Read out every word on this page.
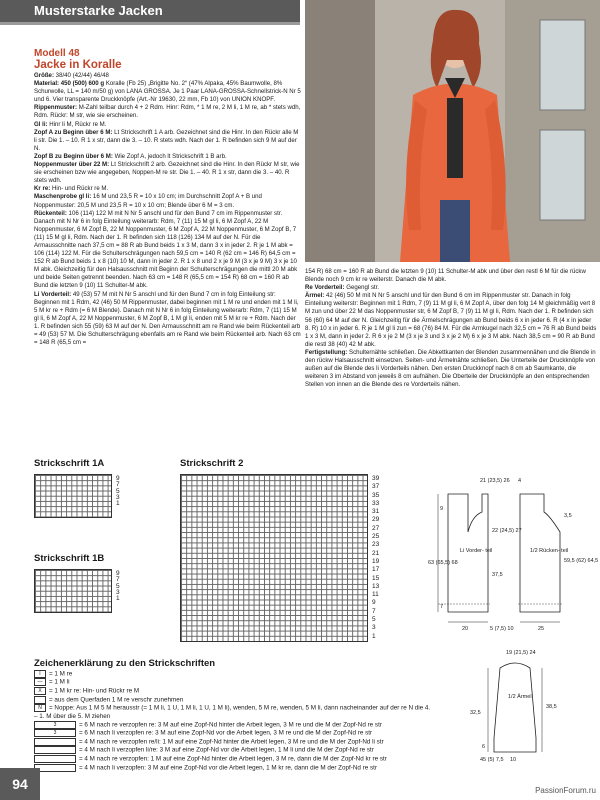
Musterstarke Jacken
Modell 48
Jacke in Koralle

Größe: 38/40 (42/44) 46/48

Material: 450 (500) 600 g Koralle (Fb 25) „Brigitte No. 2“ (47% Alpaka, 45% Baumwolle, 8% Schurwolle, LL = 140 m/50 g) von LANA GROSSA. Je 1 Paar LANA-GROSSA-Schnellstrick-N Nr 5 und 6. Vier transparente Druckknöpfe (Art.-Nr 19630, 22 mm, Fb 10) von UNION KNOPF.

Rippenmuster: M-Zahl teilbar durch 4 + 2 Rdm. Hinr: Rdm, * 1 M re, 2 M li, 1 M re, ab * stets wdh, Rdm. Rückr: M str, wie sie erscheinen.

Gl li: Hinr li M, Rückr re M.

Zopf A zu Beginn über 6 M: Lt Strickschrift 1 A arb. Gezeichnet sind die Hinr. In den Rückr alle M li str. Die 1. – 10. R 1 x str, dann die 3. – 10. R stets wdh. Nach der 1. R befinden sich 9 M auf der N.

Zopf B zu Beginn über 6 M: Wie Zopf A, jedoch lt Strickschrift 1 B arb.

Noppenmuster über 22 M: Lt Strickschrift 2 arb. Gezeichnet sind die Hinr. In den Rückr M str, wie sie erscheinen bzw wie angegeben, Noppen-M re str. Die 1. – 40. R 1 x str, dann die 3. – 40. R stets wdh.

Kr re: Hin- und Rückr re M.

Maschenprobe gl li: 16 M und 23,5 R = 10 x 10 cm; im Durchschnitt Zopf A + B und Noppenmuster: 20,5 M und 23,5 R = 10 x 10 cm; Blende über 6 M = 3 cm.

Rückenteil: 106 (114) 122 M mit N Nr 5 anschl und für den Bund 7 cm im Rippenmuster str. Danach mit N Nr 6 in folg Einteilung weiterarb: Rdm, 7 (11) 15 M gl li, 6 M Zopf A, 22 M Noppenmuster, 6 M Zopf B, 22 M Noppenmuster, 6 M Zopf A, 22 M Noppenmuster, 6 M Zopf B, 7 (11) 15 M gl li, Rdm. Nach der 1. R befinden sich 118 (126) 134 M auf der N. Für die Armausschnitte nach 37,5 cm = 88 R ab Bund beids 1 x 3 M, dann 3 x in jeder 2. R je 1 M abk = 106 (114) 122 M. Für die Schulterschrägungen nach 59,5 cm = 140 R (62 cm = 146 R) 64,5 cm = 152 R ab Bund beids 1 x 8 (10) 10 M, dann in jeder 2. R 1 x 8 und 2 x je 9 M (3 x je 9 M) 3 x je 10 M abk. Gleichzeitig für den Halsausschnitt mit Beginn der Schulterschrägungen die mittl 20 M abk und beide Seiten getrennt beenden. Nach 63 cm = 148 R (65,5 cm = 154 R) 68 cm = 160 R ab Bund die letzten 9 (10) 11 Schulter-M abk.

Li Vorderteil: 49 (53) 57 M mit N Nr 5 anschl und für den Bund 7 cm in folg Einteilung str: Beginnen mit 1 Rdm, 42 (46) 50 M Rippenmuster, dabei beginnen mit 1 M re und enden mit 1 M li, 5 M kr re + Rdm (= 6 M Blende). Danach mit N Nr 6 in folg Einteilung weiterarb: Rdm, 7 (11) 15 M gl li, 6 M Zopf A, 22 M Noppenmuster, 6 M Zopf B, 1 M gl li, enden mit 5 M kr re + Rdm. Nach der 1. R befinden sich 55 (59) 63 M auf der N. Den Armausschnitt am re Rand wie beim Rückenteil arb = 49 (53) 57 M. Die Schulterschrägung ebenfalls am re Rand wie beim Rückenteil arb. Nach 63 cm = 148 R (65,5 cm =

154 R) 68 cm = 160 R ab Bund die letzten 9 (10) 11 Schulter-M abk und über den restl 6 M für die rückw Blende noch 9 cm kr re weiterstr. Danach die M abk.

Re Vorderteil: Gegengl str.

Ärmel: 42 (46) 50 M mit N Nr 5 anschl und für den Bund 6 cm im Rippenmuster str. Danach in folg Einteilung weiterstr: Beginnen mit 1 Rdm, 7 (9) 11 M gl li, 6 M Zopf A, über den folg 14 M gleichmäßig vert 8 M zun und über 22 M das Noppenmuster str, 6 M Zopf B, 7 (9) 11 M gl li, Rdm. Nach der 1. R befinden sich 56 (60) 64 M auf der N. Gleichzeitig für die Ärmelschrägungen ab Bund beids 6 x in jeder 6. R (4 x in jeder 8. R) 10 x in jeder 6. R je 1 M gl li zun = 68 (76) 84 M. Für die Armkugel nach 32,5 cm = 76 R ab Bund beids 1 x 3 M, dann in jeder 2. R 6 x je 2 M (3 x je 3 und 3 x je 2 M) 6 x je 3 M abk. Nach 38,5 cm = 90 R ab Bund die restl 38 (40) 42 M abk.

Fertigstellung: Schulternähte schließen. Die Abkettkanten der Blenden zusammennähen und die Blende in den rückw Halsausschnitt einsetzen. Seiten- und Ärmelnähte schließen. Die Unterteile der Druckknöpfe von außen auf die Blende des li Vorderteils nähen. Den ersten Druckknopf nach 8 cm ab Saumkante, die weiteren 3 im Abstand von jeweils 8 cm aufnähen. Die Oberteile der Druckknöpfe an den entsprechenden Stellen von innen an die Blende des re Vorderteils nähen.

Strickschrift 1A
9
7
5
3
1
Strickschrift 1B
9
7
5
3
1
Strickschrift 2
39
37
35
33
31
29
27
25
23
21
19
17
15
13
11
9
7
5
3
1
21 (23,5) 26 4
9
22 (24,5) 27
63 (65,5) 68
37,5
7
Li Vorder- teil	1/2 Rücken- teil
59,5 (62) 64,5
20	5 (7,5) 10	25
3,5
19 (21,5) 24
1/2 Ärmel
32,5
38,5
6
45 (5) 7,5 10
Zeichenerklärung zu den Strickschriften
I = 1 M re
— = 1 M li
X = 1 M kr re: Hin- und Rückr re M
= aus dem Querfaden 1 M re verschr zunehmen
N = Noppe: Aus 1 M 5 M herausstr (= 1 M li, 1 U, 1 M li, 1 U, 1 M li), wenden, 5 M re, wenden, 5 M li, dann nacheinander auf der re N die 4. – 1. M über die 5. M ziehen
3	= 6 M nach re verzopfen re: 3 M auf eine Zopf-Nd hinter die Arbeit legen, 3 M re und die M der Zopf-Nd re str
3	= 6 M nach li verzopfen re: 3 M auf eine Zopf-Nd vor die Arbeit legen, 3 M re und die M der Zopf-Nd re str
= 4 M nach re verzopfen re/li: 1 M auf eine Zopf-Nd hinter die Arbeit legen, 3 M re und die M der Zopf-Nd li str
= 4 M nach li verzopfen li/re: 3 M auf eine Zopf-Nd vor die Arbeit legen, 1 M li und die M der Zopf-Nd re str
= 4 M nach re verzopfen: 1 M auf eine Zopf-Nd hinter die Arbeit legen, 3 M re, dann die M der Zopf-Nd kr re str
= 4 M nach li verzopfen: 3 M auf eine Zopf-Nd vor die Arbeit legen, 1 M kr re, dann die M der Zopf-Nd re str
94	PassionForum.ru
